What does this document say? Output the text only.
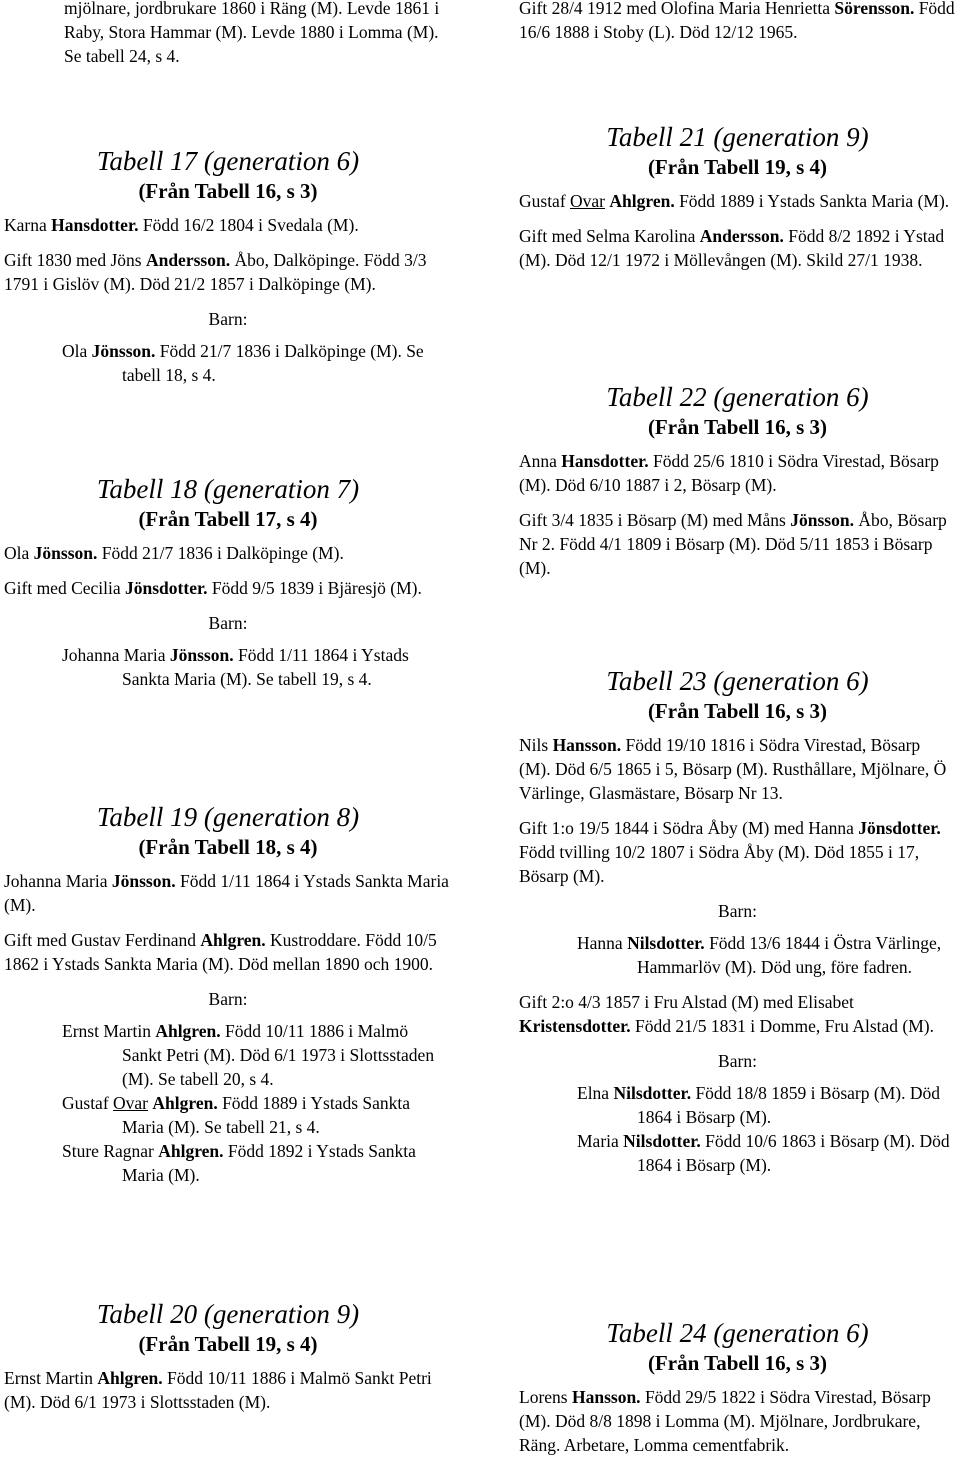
mjölnare, jordbrukare 1860 i Räng (M). Levde 1861 i Raby, Stora Hammar (M). Levde 1880 i Lomma (M). Se tabell 24, s 4.

Tabell 17 (generation 6)
(Från Tabell 16, s 3)

Karna Hansdotter. Född 16/2 1804 i Svedala (M).

Gift 1830 med Jöns Andersson. Åbo, Dalköpinge. Född 3/3 1791 i Gislöv (M). Död 21/2 1857 i Dalköpinge (M).

Barn:

Ola Jönsson. Född 21/7 1836 i Dalköpinge (M). Se tabell 18, s 4.

Tabell 18 (generation 7)
(Från Tabell 17, s 4)

Ola Jönsson. Född 21/7 1836 i Dalköpinge (M).

Gift med Cecilia Jönsdotter. Född 9/5 1839 i Bjäresjö (M).

Barn:

Johanna Maria Jönsson. Född 1/11 1864 i Ystads Sankta Maria (M). Se tabell 19, s 4.

Tabell 19 (generation 8)
(Från Tabell 18, s 4)

Johanna Maria Jönsson. Född 1/11 1864 i Ystads Sankta Maria (M).

Gift med Gustav Ferdinand Ahlgren. Kustroddare. Född 10/5 1862 i Ystads Sankta Maria (M). Död mellan 1890 och 1900.

Barn:

Ernst Martin Ahlgren. Född 10/11 1886 i Malmö Sankt Petri (M). Död 6/1 1973 i Slottsstaden (M). Se tabell 20, s 4.

Gustaf Ovar Ahlgren. Född 1889 i Ystads Sankta Maria (M). Se tabell 21, s 4.

Sture Ragnar Ahlgren. Född 1892 i Ystads Sankta Maria (M).

Tabell 20 (generation 9)
(Från Tabell 19, s 4)

Ernst Martin Ahlgren. Född 10/11 1886 i Malmö Sankt Petri (M). Död 6/1 1973 i Slottsstaden (M).

Gift 28/4 1912 med Olofina Maria Henrietta Sörensson. Född 16/6 1888 i Stoby (L). Död 12/12 1965.

Tabell 21 (generation 9)
(Från Tabell 19, s 4)

Gustaf Ovar Ahlgren. Född 1889 i Ystads Sankta Maria (M).

Gift med Selma Karolina Andersson. Född 8/2 1892 i Ystad (M). Död 12/1 1972 i Möllevången (M). Skild 27/1 1938.

Tabell 22 (generation 6)
(Från Tabell 16, s 3)

Anna Hansdotter. Född 25/6 1810 i Södra Virestad, Bösarp (M). Död 6/10 1887 i 2, Bösarp (M).

Gift 3/4 1835 i Bösarp (M) med Måns Jönsson. Åbo, Bösarp Nr 2. Född 4/1 1809 i Bösarp (M). Död 5/11 1853 i Bösarp (M).

Tabell 23 (generation 6)
(Från Tabell 16, s 3)

Nils Hansson. Född 19/10 1816 i Södra Virestad, Bösarp (M). Död 6/5 1865 i 5, Bösarp (M). Rusthållare, Mjölnare, Ö Värlinge, Glasmästare, Bösarp Nr 13.

Gift 1:o 19/5 1844 i Södra Åby (M) med Hanna Jönsdotter. Född tvilling 10/2 1807 i Södra Åby (M). Död 1855 i 17, Bösarp (M).

Barn:

Hanna Nilsdotter. Född 13/6 1844 i Östra Värlinge, Hammarlöv (M). Död ung, före fadren.

Gift 2:o 4/3 1857 i Fru Alstad (M) med Elisabet Kristensdotter. Född 21/5 1831 i Domme, Fru Alstad (M).

Barn:

Elna Nilsdotter. Född 18/8 1859 i Bösarp (M). Död 1864 i Bösarp (M).

Maria Nilsdotter. Född 10/6 1863 i Bösarp (M). Död 1864 i Bösarp (M).

Tabell 24 (generation 6)
(Från Tabell 16, s 3)

Lorens Hansson. Född 29/5 1822 i Södra Virestad, Bösarp (M). Död 8/8 1898 i Lomma (M). Mjölnare, Jordbrukare, Räng. Arbetare, Lomma cementfabrik.
